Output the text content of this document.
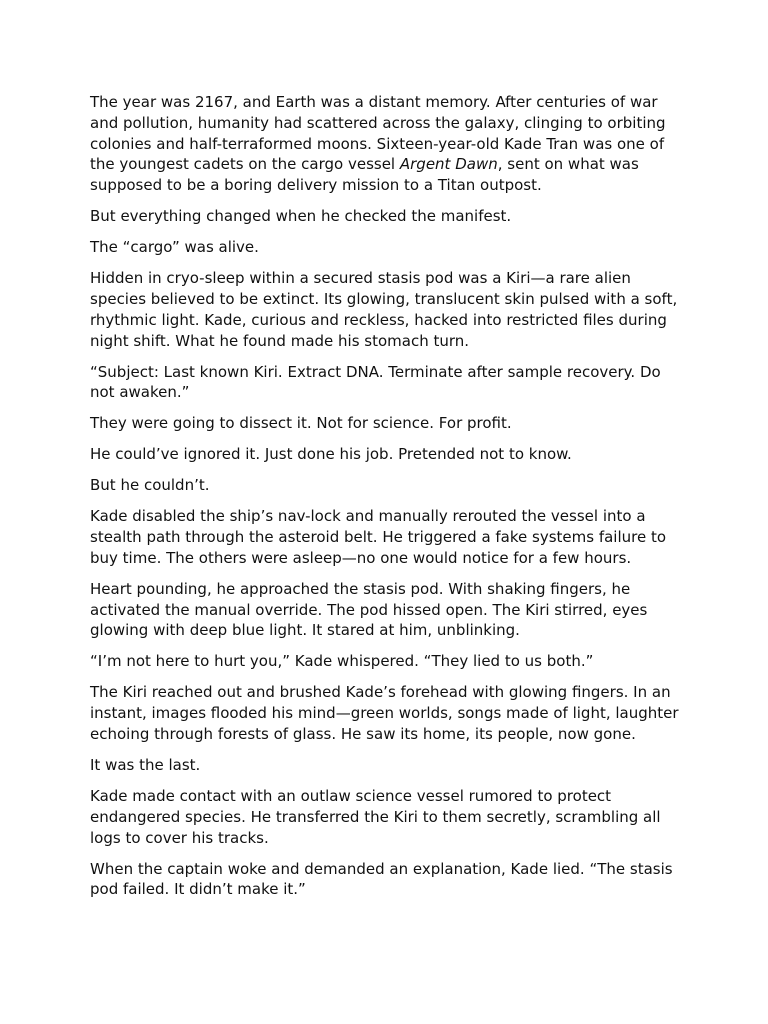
The year was 2167, and Earth was a distant memory. After centuries of war and pollution, humanity had scattered across the galaxy, clinging to orbiting colonies and half-terraformed moons. Sixteen-year-old Kade Tran was one of the youngest cadets on the cargo vessel Argent Dawn, sent on what was supposed to be a boring delivery mission to a Titan outpost.

But everything changed when he checked the manifest.

The “cargo” was alive.

Hidden in cryo-sleep within a secured stasis pod was a Kiri—a rare alien species believed to be extinct. Its glowing, translucent skin pulsed with a soft, rhythmic light. Kade, curious and reckless, hacked into restricted files during night shift. What he found made his stomach turn.

“Subject: Last known Kiri. Extract DNA. Terminate after sample recovery. Do not awaken.”

They were going to dissect it. Not for science. For profit.

He could’ve ignored it. Just done his job. Pretended not to know.

But he couldn’t.

Kade disabled the ship’s nav-lock and manually rerouted the vessel into a stealth path through the asteroid belt. He triggered a fake systems failure to buy time. The others were asleep—no one would notice for a few hours.

Heart pounding, he approached the stasis pod. With shaking fingers, he activated the manual override. The pod hissed open. The Kiri stirred, eyes glowing with deep blue light. It stared at him, unblinking.

“I’m not here to hurt you,” Kade whispered. “They lied to us both.”

The Kiri reached out and brushed Kade’s forehead with glowing fingers. In an instant, images flooded his mind—green worlds, songs made of light, laughter echoing through forests of glass. He saw its home, its people, now gone.

It was the last.

Kade made contact with an outlaw science vessel rumored to protect endangered species. He transferred the Kiri to them secretly, scrambling all logs to cover his tracks.

When the captain woke and demanded an explanation, Kade lied. “The stasis pod failed. It didn’t make it.”
